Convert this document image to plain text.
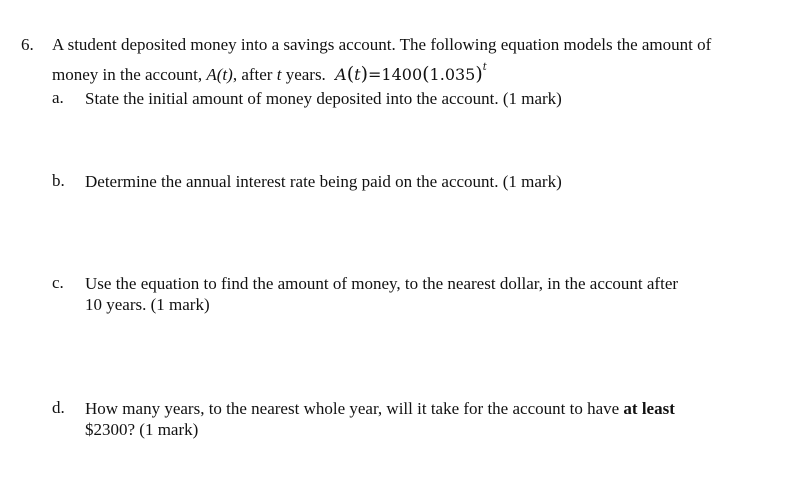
6. A student deposited money into a savings account. The following equation models the amount of
money in the account, A(t), after t years. $A(t)=1400(1.035)^t$
a. State the initial amount of money deposited into the account. (1 mark)
b. Determine the annual interest rate being paid on the account. (1 mark)
c. Use the equation to find the amount of money, to the nearest dollar, in the account after
10 years. (1 mark)
d. How many years, to the nearest whole year, will it take for the account to have at least
$2300? (1 mark)
